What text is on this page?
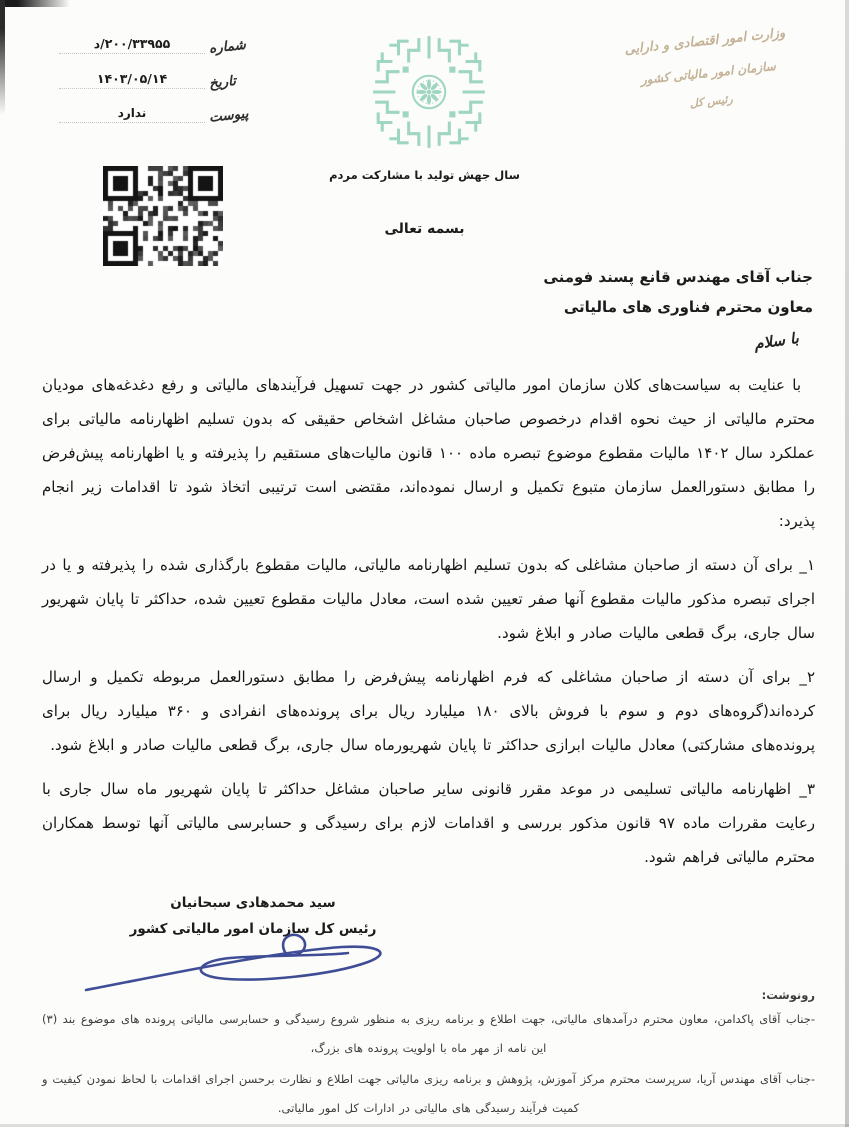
شماره
۲۰۰/۳۳۹۵۵/د
تاریخ
۱۴۰۳/۰۵/۱۴
پیوست
ندارد
وزارت امور اقتصادی و دارایی
سازمان امور مالیاتی کشور
رئیس کل
سال جهش تولید با مشارکت مردم
بسمه تعالی
جناب آقای مهندس قانع پسند فومنی
معاون محترم فناوری های مالیاتی
با سلام

با عنایت به سیاست‌های کلان سازمان امور مالیاتی کشور در جهت تسهیل فرآیندهای مالیاتی و رفع دغدغه‌های مودیان محترم مالیاتی از حیث نحوه اقدام درخصوص صاحبان مشاغل اشخاص حقیقی که بدون تسلیم اظهارنامه مالیاتی برای عملکرد سال ۱۴۰۲ مالیات مقطوع موضوع تبصره ماده ۱۰۰ قانون مالیات‌های مستقیم را پذیرفته و یا اظهارنامه پیش‌فرض را مطابق دستورالعمل سازمان متبوع تکمیل و ارسال نموده‌اند، مقتضی است ترتیبی اتخاذ شود تا اقدامات زیر انجام پذیرد:

۱_ برای آن دسته از صاحبان مشاغلی که بدون تسلیم اظهارنامه مالیاتی، مالیات مقطوع بارگذاری شده را پذیرفته و یا در اجرای تبصره مذکور مالیات مقطوع آنها صفر تعیین شده است، معادل مالیات مقطوع تعیین شده، حداکثر تا پایان شهریور سال جاری، برگ قطعی مالیات صادر و ابلاغ شود.

۲_ برای آن دسته از صاحبان مشاغلی که فرم اظهارنامه پیش‌فرض را مطابق دستورالعمل مربوطه تکمیل و ارسال کرده‌اند(گروه‌های دوم و سوم با فروش بالای ۱۸۰ میلیارد ریال برای پرونده‌های انفرادی و ۳۶۰ میلیارد ریال برای پرونده‌های مشارکتی) معادل مالیات ابرازی حداکثر تا پایان شهریورماه سال جاری، برگ قطعی مالیات صادر و ابلاغ شود.

۳_ اظهارنامه مالیاتی تسلیمی در موعد مقرر قانونی سایر صاحبان مشاغل حداکثر تا پایان شهریور ماه سال جاری با رعایت مقررات ماده ۹۷ قانون مذکور بررسی و اقدامات لازم برای رسیدگی و حسابرسی مالیاتی آنها توسط همکاران محترم مالیاتی فراهم شود.

سید محمدهادی سبحانیان
رئیس کل سازمان امور مالیاتی کشور
رونوشت:
-جناب آقای پاکدامن، معاون محترم درآمدهای مالیاتی، جهت اطلاع و برنامه ریزی به منظور شروع رسیدگی و حسابرسی مالیاتی پرونده های موضوع بند (۳) این نامه از مهر ماه با اولویت پرونده های بزرگ،
-جناب آقای مهندس آریا، سرپرست محترم مرکز آموزش، پژوهش و برنامه ریزی مالیاتی جهت اطلاع و نظارت برحسن اجرای اقدامات با لحاظ نمودن کیفیت و کمیت فرآیند رسیدگی های مالیاتی در ادارات کل امور مالیاتی.
